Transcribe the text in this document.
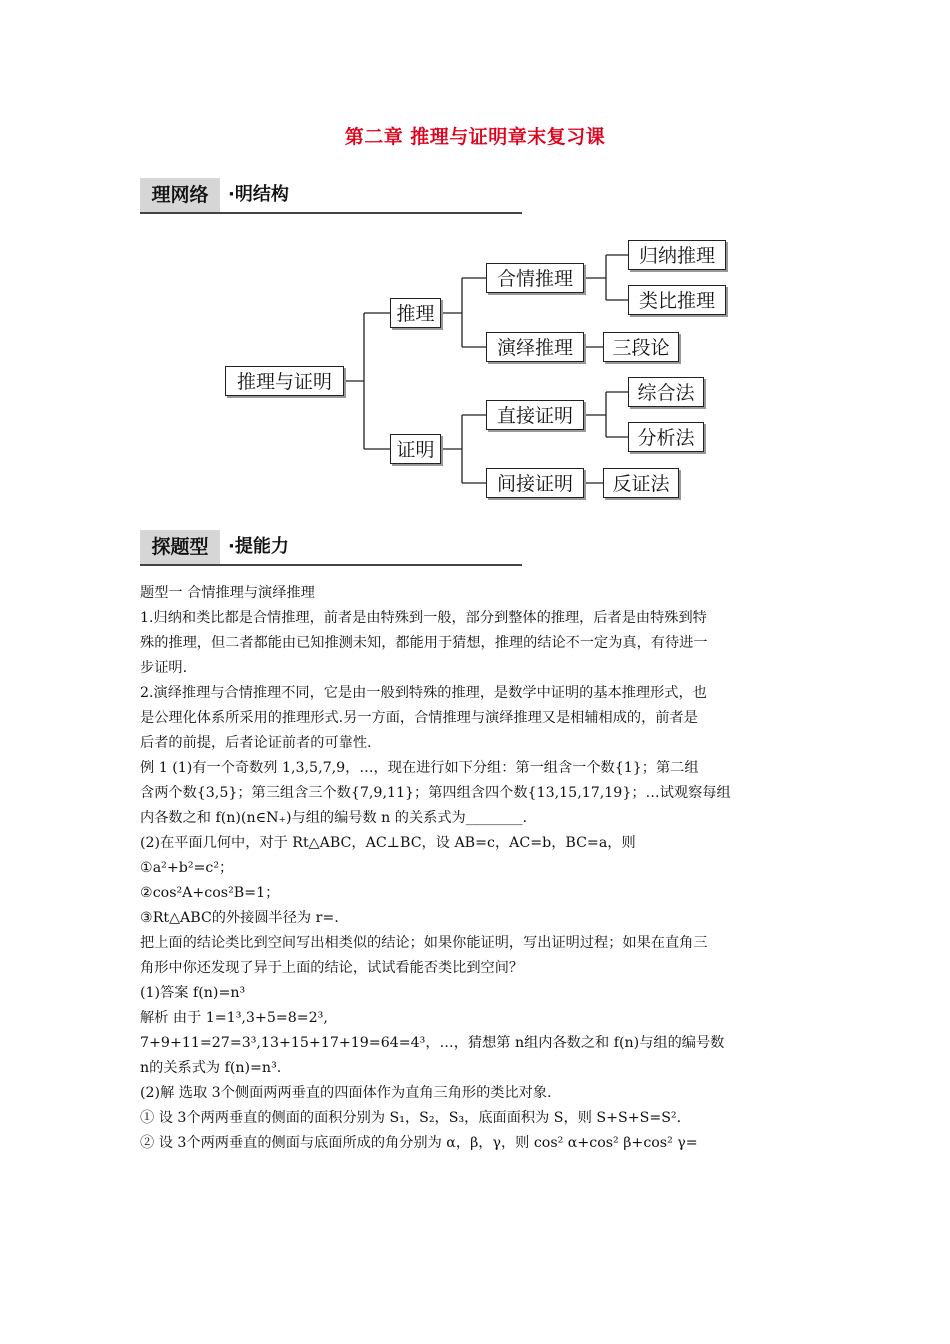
第二章 推理与证明章末复习课
理网络	·明结构
推理与证明
推理
证明
合情推理
演绎推理
直接证明
间接证明
归纳推理
类比推理
三段论
综合法
分析法
反证法
探题型	·提能力

题型一 合情推理与演绎推理

1.归纳和类比都是合情推理，前者是由特殊到一般，部分到整体的推理，后者是由特殊到特

殊的推理，但二者都能由已知推测未知，都能用于猜想，推理的结论不一定为真，有待进一

步证明.

2.演绎推理与合情推理不同，它是由一般到特殊的推理，是数学中证明的基本推理形式，也

是公理化体系所采用的推理形式.另一方面，合情推理与演绎推理又是相辅相成的，前者是

后者的前提，后者论证前者的可靠性.

例 1 (1)有一个奇数列 1,3,5,7,9，…，现在进行如下分组：第一组含一个数{1}；第二组

含两个数{3,5}；第三组含三个数{7,9,11}；第四组含四个数{13,15,17,19}；…试观察每组

内各数之和 f(n)(n∈N₊)与组的编号数 n 的关系式为________.

(2)在平面几何中，对于 Rt△ABC，AC⊥BC，设 AB=c，AC=b，BC=a，则

①a²+b²=c²；

②cos²A+cos²B=1；

③Rt△ABC的外接圆半径为 r=.

把上面的结论类比到空间写出相类似的结论；如果你能证明，写出证明过程；如果在直角三

角形中你还发现了异于上面的结论，试试看能否类比到空间？

(1)答案 f(n)=n³

解析 由于 1=1³,3+5=8=2³,

7+9+11=27=3³,13+15+17+19=64=4³，…，猜想第 n组内各数之和 f(n)与组的编号数

n的关系式为 f(n)=n³.

(2)解 选取 3个侧面两两垂直的四面体作为直角三角形的类比对象.

① 设 3个两两垂直的侧面的面积分别为 S₁，S₂，S₃，底面面积为 S，则 S+S+S=S².

② 设 3个两两垂直的侧面与底面所成的角分别为 α，β，γ，则 cos² α+cos² β+cos² γ=
